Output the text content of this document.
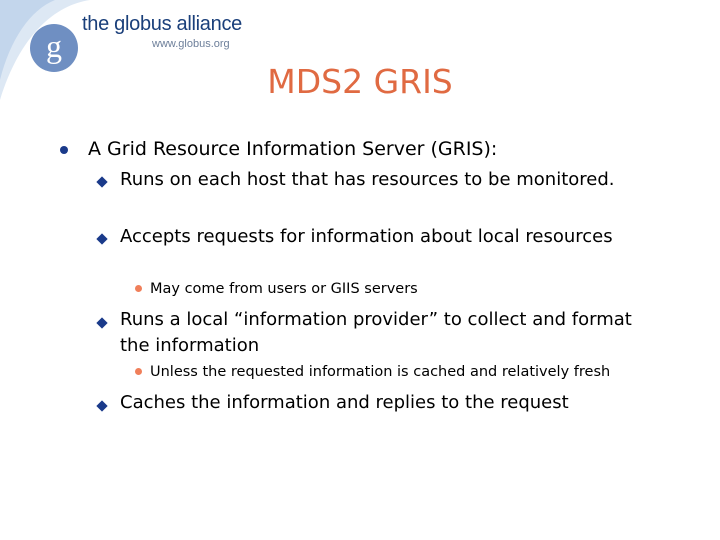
g
the globus alliance
www.globus.org
MDS2 GRIS
A Grid Resource Information Server (GRIS):
Runs on each host that has resources to be monitored.
Accepts requests for information about local resources
May come from users or GIIS servers
Runs a local “information provider” to collect and format the information
Unless the requested information is cached and relatively fresh
Caches the information and replies to the request
